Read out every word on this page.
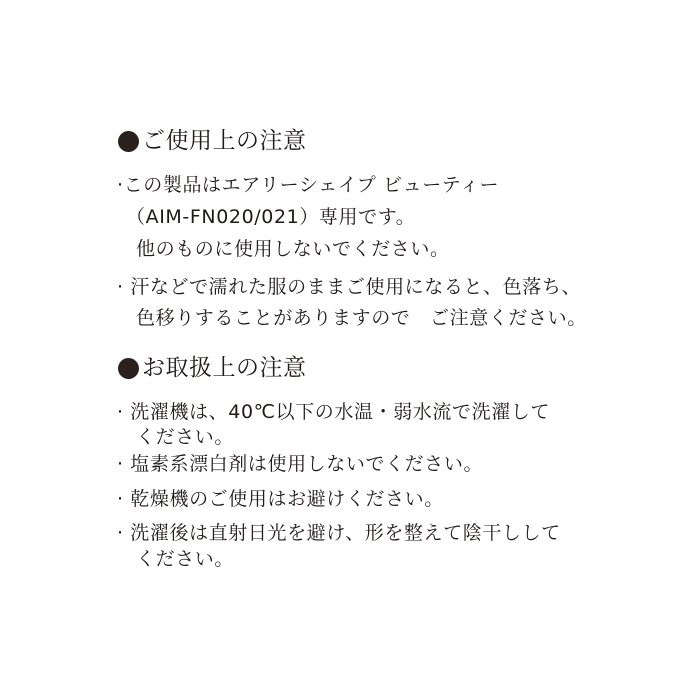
ご使用上の注意
·この製品はエアリーシェイプ ビューティー
（AIM-FN020/021）専用です。
他のものに使用しないでください。
· 汗などで濡れた服のままご使用になると、色落ち、
色移りすることがありますので　ご注意ください。
お取扱上の注意
· 洗濯機は、40℃以下の水温・弱水流で洗濯して
ください。
· 塩素系漂白剤は使用しないでください。
· 乾燥機のご使用はお避けください。
· 洗濯後は直射日光を避け、形を整えて陰干しして
ください。
